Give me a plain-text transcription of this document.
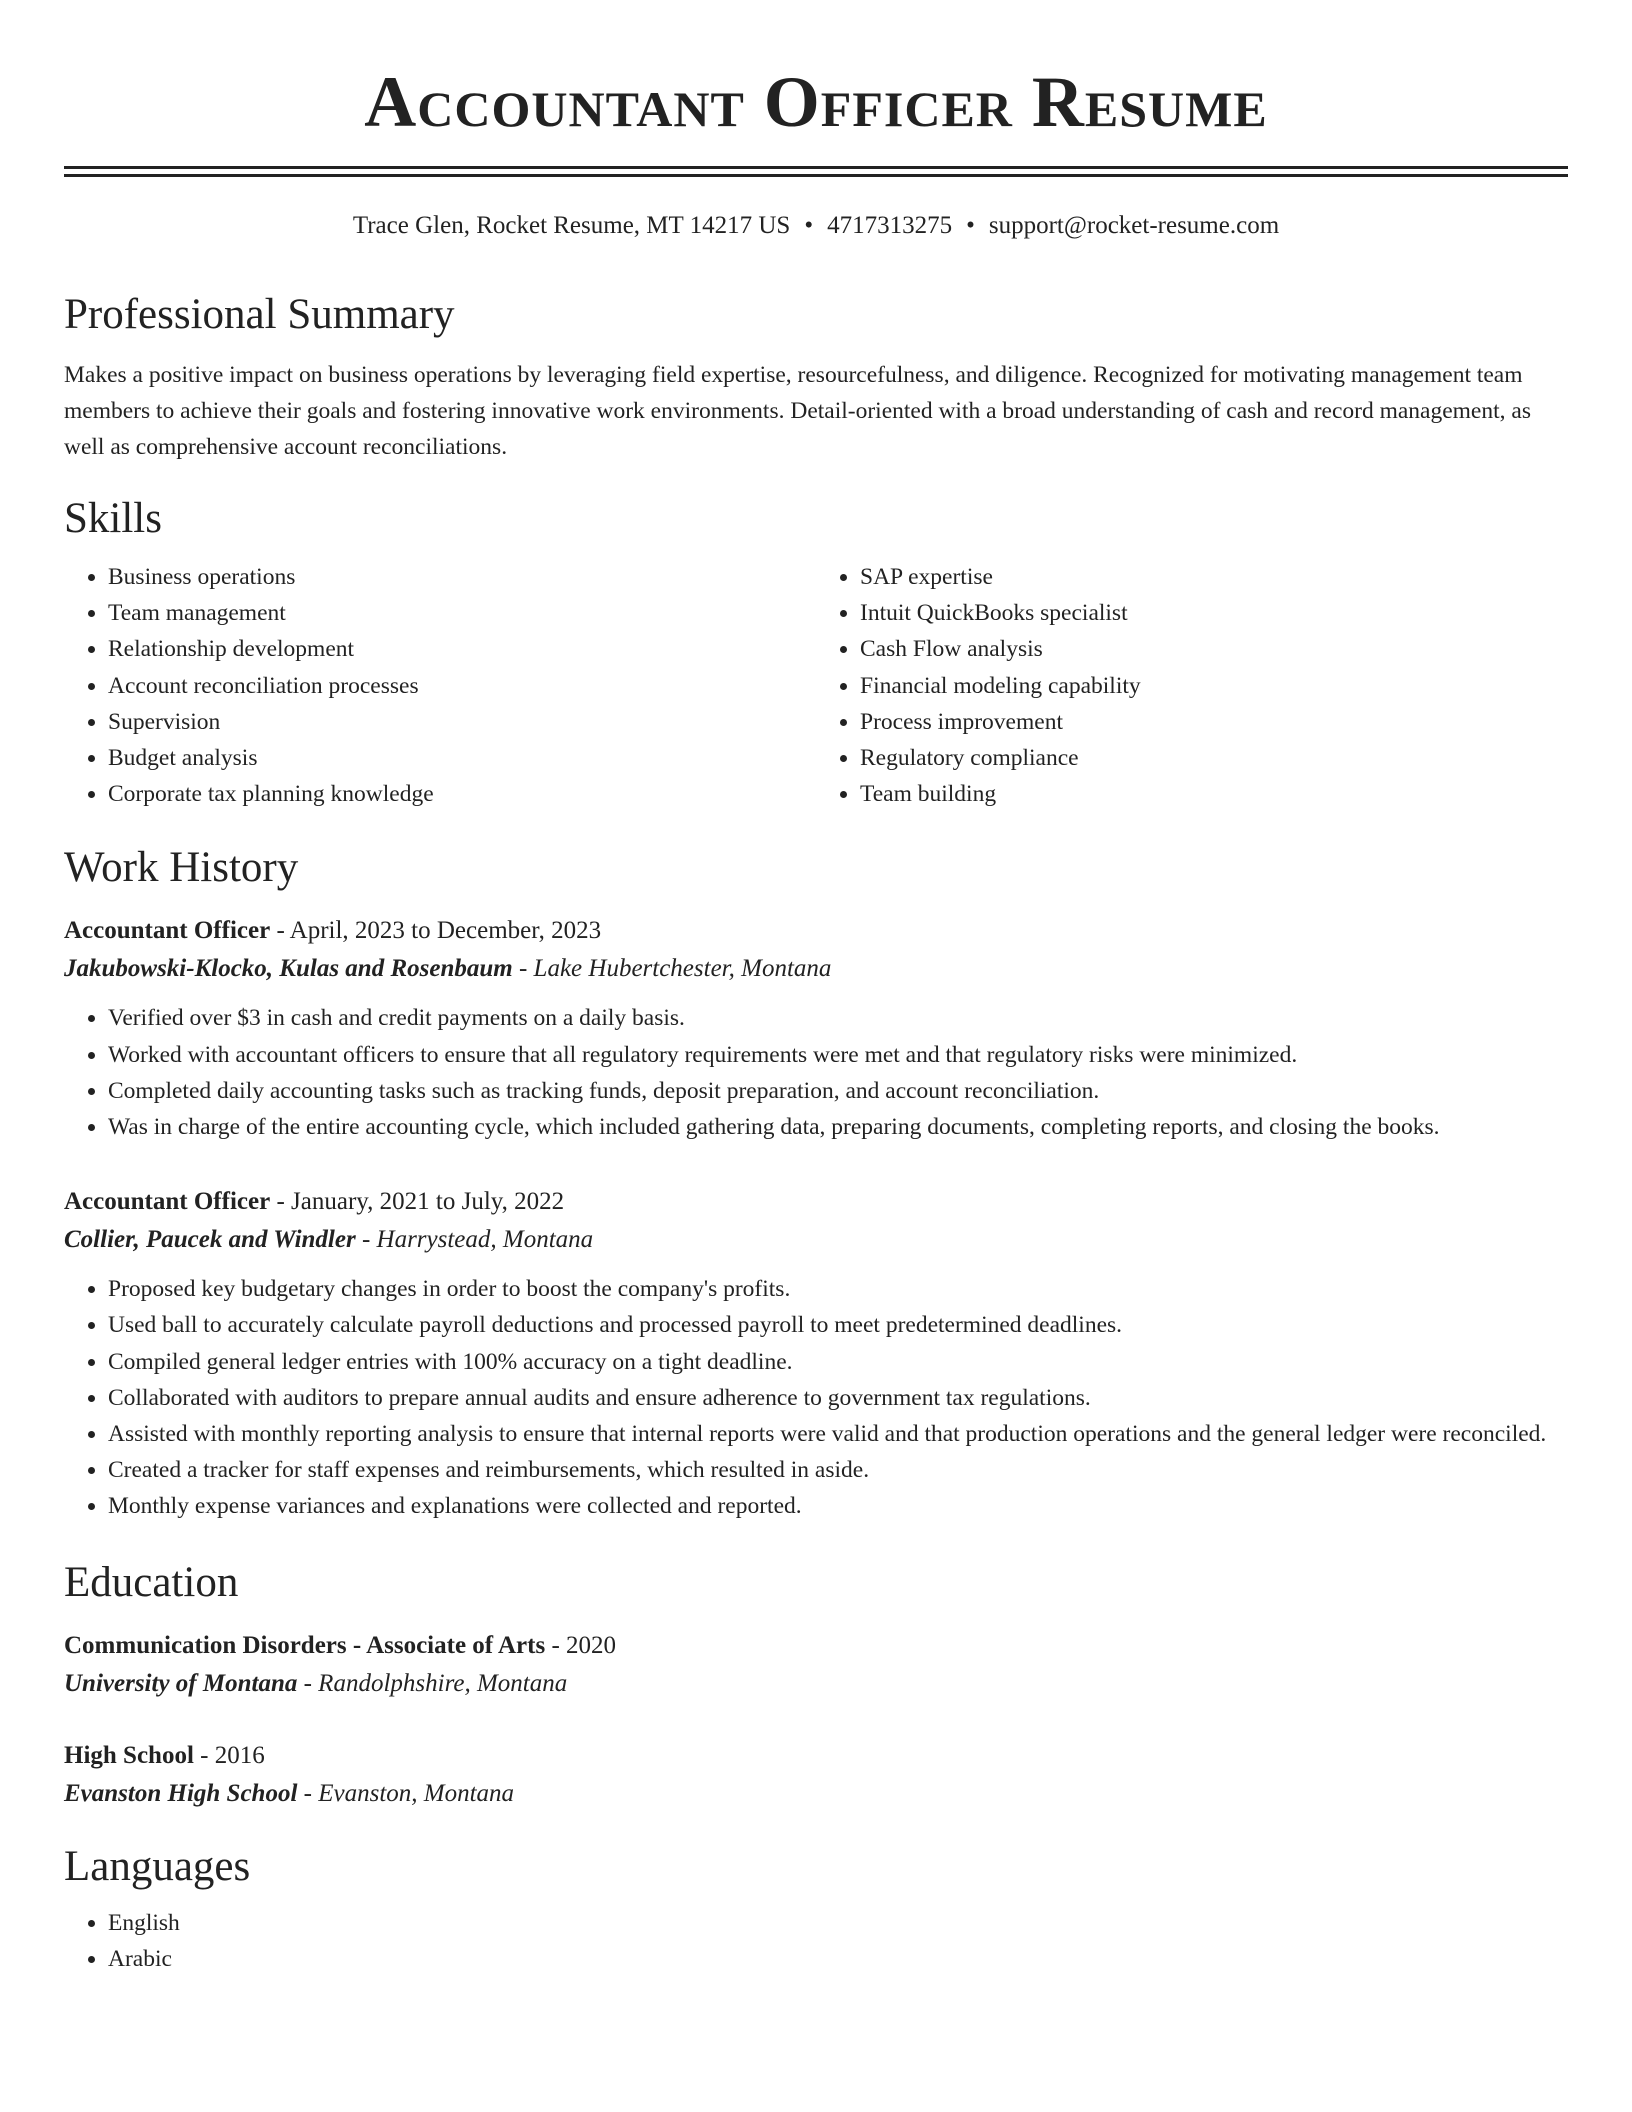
Accountant Officer Resume
Trace Glen, Rocket Resume, MT 14217 US • 4717313275 • support@rocket-resume.com
Professional Summary

Makes a positive impact on business operations by leveraging field expertise, resourcefulness, and diligence. Recognized for motivating management team members to achieve their goals and fostering innovative work environments. Detail-oriented with a broad understanding of cash and record management, as well as comprehensive account reconciliations.

Skills
• Business operations
• Team management
• Relationship development
• Account reconciliation processes
• Supervision
• Budget analysis
• Corporate tax planning knowledge
• SAP expertise
• Intuit QuickBooks specialist
• Cash Flow analysis
• Financial modeling capability
• Process improvement
• Regulatory compliance
• Team building
Work History
Accountant Officer - April, 2023 to December, 2023
Jakubowski-Klocko, Kulas and Rosenbaum - Lake Hubertchester, Montana
• Verified over $3 in cash and credit payments on a daily basis.
• Worked with accountant officers to ensure that all regulatory requirements were met and that regulatory risks were minimized.
• Completed daily accounting tasks such as tracking funds, deposit preparation, and account reconciliation.
• Was in charge of the entire accounting cycle, which included gathering data, preparing documents, completing reports, and closing the books.
Accountant Officer - January, 2021 to July, 2022
Collier, Paucek and Windler - Harrystead, Montana
• Proposed key budgetary changes in order to boost the company's profits.
• Used ball to accurately calculate payroll deductions and processed payroll to meet predetermined deadlines.
• Compiled general ledger entries with 100% accuracy on a tight deadline.
• Collaborated with auditors to prepare annual audits and ensure adherence to government tax regulations.
• Assisted with monthly reporting analysis to ensure that internal reports were valid and that production operations and the general ledger were reconciled.
• Created a tracker for staff expenses and reimbursements, which resulted in aside.
• Monthly expense variances and explanations were collected and reported.
Education
Communication Disorders - Associate of Arts - 2020
University of Montana - Randolphshire, Montana
High School - 2016
Evanston High School - Evanston, Montana
Languages
• English
• Arabic
